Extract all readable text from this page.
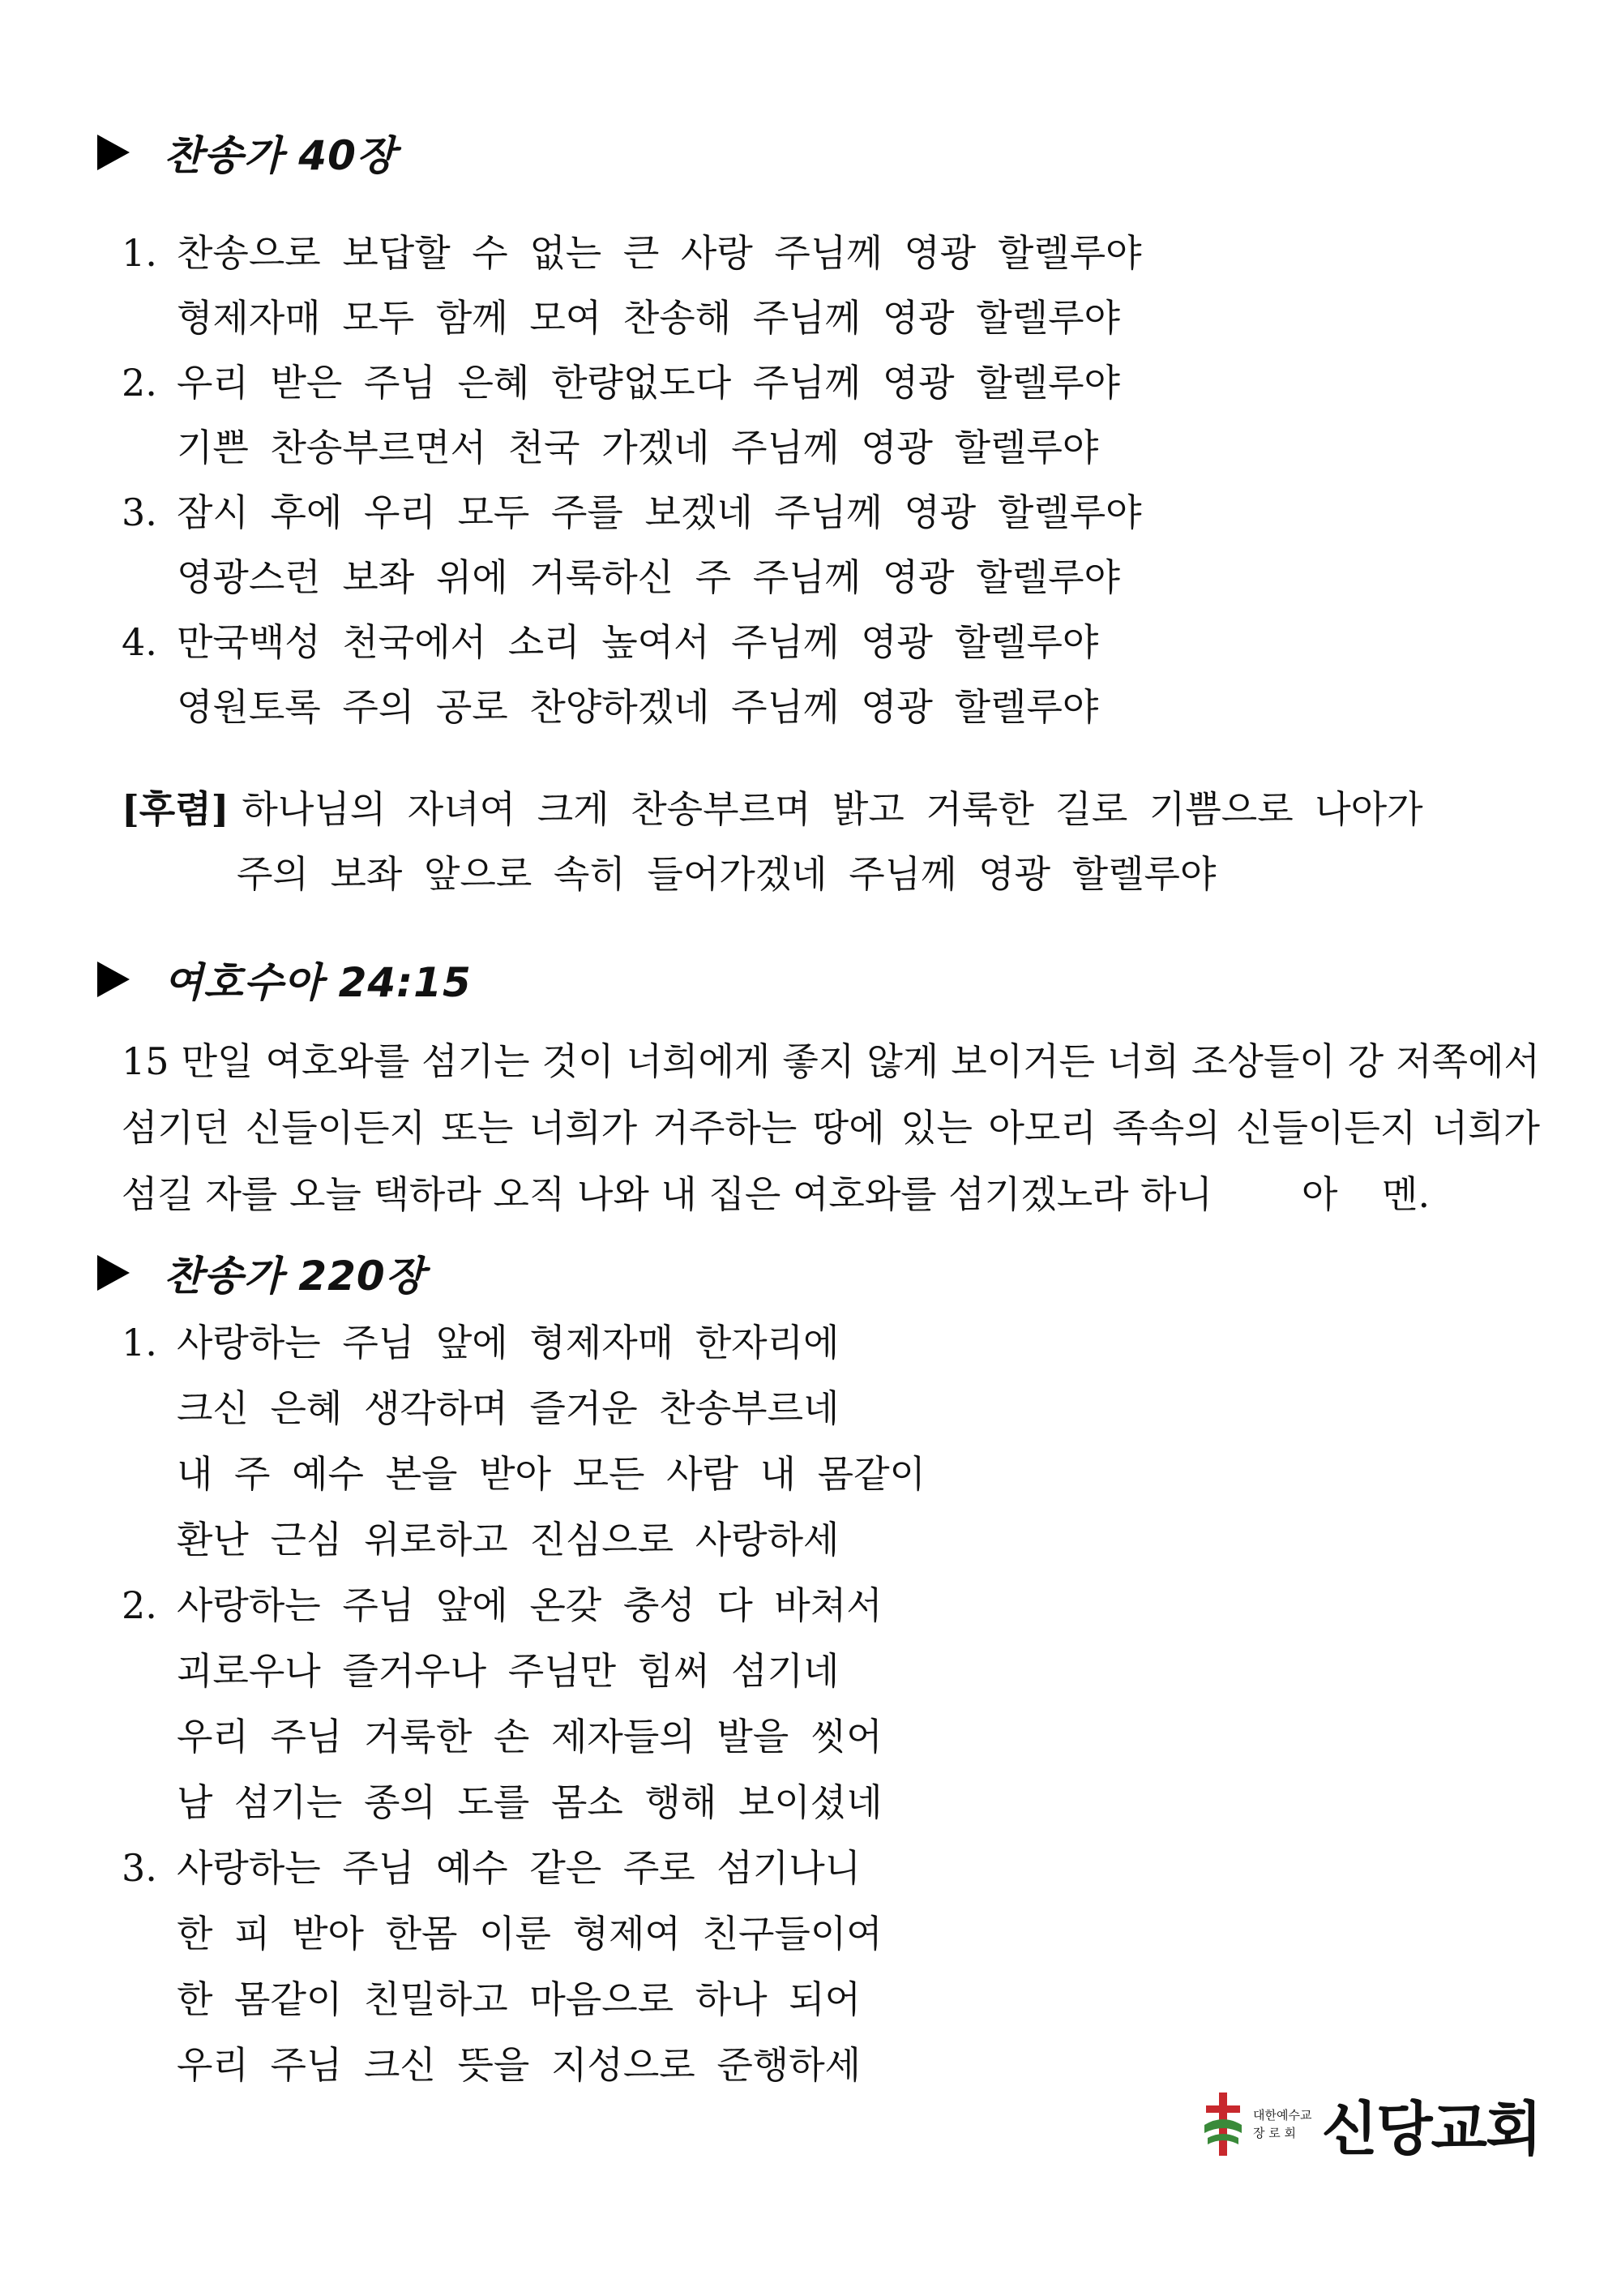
찬송가 40장
1. 찬송으로 보답할 수 없는 큰 사랑 주님께 영광 할렐루야
형제자매 모두 함께 모여 찬송해 주님께 영광 할렐루야
2. 우리 받은 주님 은혜 한량없도다 주님께 영광 할렐루야
기쁜 찬송부르면서 천국 가겠네 주님께 영광 할렐루야
3. 잠시 후에 우리 모두 주를 보겠네 주님께 영광 할렐루야
영광스런 보좌 위에 거룩하신 주 주님께 영광 할렐루야
4. 만국백성 천국에서 소리 높여서 주님께 영광 할렐루야
영원토록 주의 공로 찬양하겠네 주님께 영광 할렐루야
[후렴] 하나님의 자녀여 크게 찬송부르며 밝고 거룩한 길로 기쁨으로 나아가
주의 보좌 앞으로 속히 들어가겠네 주님께 영광 할렐루야
여호수아 24:15
15 만일 여호와를 섬기는 것이 너희에게 좋지 않게 보이거든 너희 조상들이 강 저쪽에서 섬기던 신들이든지 또는 너희가 거주하는 땅에 있는 아모리 족속의 신들이든지 너희가 섬길 자를 오늘 택하라 오직 나와 내 집은 여호와를 섬기겠노라 하니 아 멘.
찬송가 220장
1. 사랑하는 주님 앞에 형제자매 한자리에
크신 은혜 생각하며 즐거운 찬송부르네
내 주 예수 본을 받아 모든 사람 내 몸같이
환난 근심 위로하고 진심으로 사랑하세
2. 사랑하는 주님 앞에 온갖 충성 다 바쳐서
괴로우나 즐거우나 주님만 힘써 섬기네
우리 주님 거룩한 손 제자들의 발을 씻어
남 섬기는 종의 도를 몸소 행해 보이셨네
3. 사랑하는 주님 예수 같은 주로 섬기나니
한 피 받아 한몸 이룬 형제여 친구들이여
한 몸같이 친밀하고 마음으로 하나 되어
우리 주님 크신 뜻을 지성으로 준행하세
대한예수교
장 로 회 신당교회
